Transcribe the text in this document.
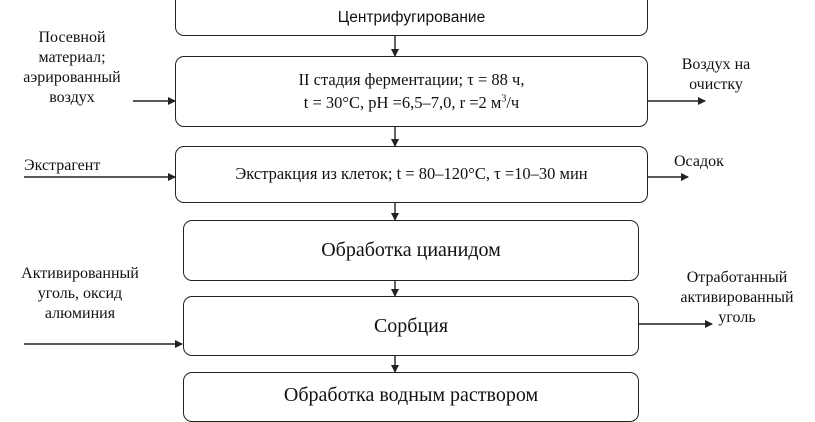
Центрифугирование
II стадия ферментации; τ = 88 ч,
t = 30°C, pH =6,5–7,0, r =2 $м^3/ч$
Экстракция из клеток; t = 80–120°C, τ =10–30 мин
Обработка цианидом
Сорбция
Обработка водным раствором
Посевной
материал;
аэрированный
воздух
Экстрагент
Активированный
уголь, оксид
алюминия
Воздух на
очистку
Осадок
Отработанный
активированный
уголь
